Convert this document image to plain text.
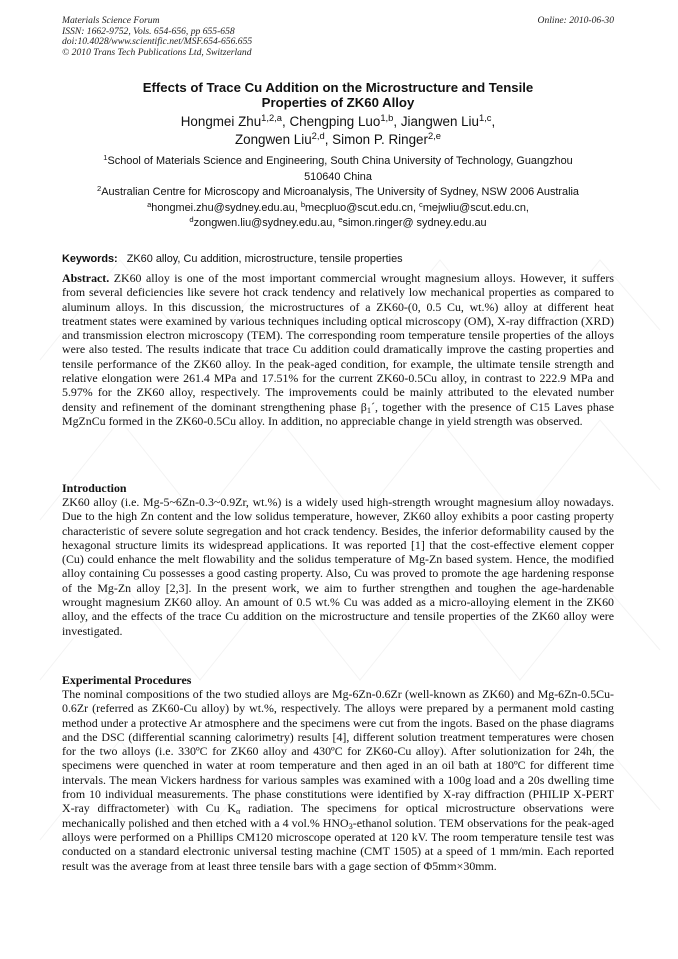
Materials Science Forum
ISSN: 1662-9752, Vols. 654-656, pp 655-658
doi:10.4028/www.scientific.net/MSF.654-656.655
© 2010 Trans Tech Publications Ltd, Switzerland
Online: 2010-06-30
Effects of Trace Cu Addition on the Microstructure and Tensile
Properties of ZK60 Alloy
Hongmei Zhu$^{1,2,a}$, Chengping Luo$^{1,b}$, Jiangwen Liu$^{1,c}$,
Zongwen Liu$^{2,d}$, Simon P. Ringer$^{2,e}$
$^1$School of Materials Science and Engineering, South China University of Technology, Guangzhou
510640 China
$^2$Australian Centre for Microscopy and Microanalysis, The University of Sydney, NSW 2006 Australia
$^a$hongmei.zhu@sydney.edu.au, $^b$mecpluo@scut.edu.cn, $^c$mejwliu@scut.edu.cn,
$^d$zongwen.liu@sydney.edu.au, $^e$simon.ringer@ sydney.edu.au
Keywords: ZK60 alloy, Cu addition, microstructure, tensile properties
Abstract. ZK60 alloy is one of the most important commercial wrought magnesium alloys. However, it suffers from several deficiencies like severe hot crack tendency and relatively low mechanical properties as compared to aluminum alloys. In this discussion, the microstructures of a ZK60-(0, 0.5 Cu, wt.%) alloy at different heat treatment states were examined by various techniques including optical microscopy (OM), X-ray diffraction (XRD) and transmission electron microscopy (TEM). The corresponding room temperature tensile properties of the alloys were also tested. The results indicate that trace Cu addition could dramatically improve the casting properties and tensile performance of the ZK60 alloy. In the peak-aged condition, for example, the ultimate tensile strength and relative elongation were 261.4 MPa and 17.51% for the current ZK60-0.5Cu alloy, in contrast to 222.9 MPa and 5.97% for the ZK60 alloy, respectively. The improvements could be mainly attributed to the elevated number density and refinement of the dominant strengthening phase $\beta_1´$, together with the presence of C15 Laves phase MgZnCu formed in the ZK60-0.5Cu alloy. In addition, no appreciable change in yield strength was observed.
Introduction
ZK60 alloy (i.e. Mg-5~6Zn-0.3~0.9Zr, wt.%) is a widely used high-strength wrought magnesium alloy nowadays. Due to the high Zn content and the low solidus temperature, however, ZK60 alloy exhibits a poor casting property characteristic of severe solute segregation and hot crack tendency. Besides, the inferior deformability caused by the hexagonal structure limits its widespread applications. It was reported [1] that the cost-effective element copper (Cu) could enhance the melt flowability and the solidus temperature of Mg-Zn based system. Hence, the modified alloy containing Cu possesses a good casting property. Also, Cu was proved to promote the age hardening response of the Mg-Zn alloy [2,3]. In the present work, we aim to further strengthen and toughen the age-hardenable wrought magnesium ZK60 alloy. An amount of 0.5 wt.% Cu was added as a micro-alloying element in the ZK60 alloy, and the effects of the trace Cu addition on the microstructure and tensile properties of the ZK60 alloy were investigated.
Experimental Procedures
The nominal compositions of the two studied alloys are Mg-6Zn-0.6Zr (well-known as ZK60) and Mg-6Zn-0.5Cu-0.6Zr (referred as ZK60-Cu alloy) by wt.%, respectively. The alloys were prepared by a permanent mold casting method under a protective Ar atmosphere and the specimens were cut from the ingots. Based on the phase diagrams and the DSC (differential scanning calorimetry) results [4], different solution treatment temperatures were chosen for the two alloys (i.e. 330ºC for ZK60 alloy and 430ºC for ZK60-Cu alloy). After solutionization for 24h, the specimens were quenched in water at room temperature and then aged in an oil bath at 180ºC for different time intervals. The mean Vickers hardness for various samples was examined with a 100g load and a 20s dwelling time from 10 individual measurements. The phase constitutions were identified by X-ray diffraction (PHILIP X-PERT X-ray diffractometer) with Cu $K_\alpha$ radiation. The specimens for optical microstructure observations were mechanically polished and then etched with a 4 vol.% $HNO_3$-ethanol solution. TEM observations for the peak-aged alloys were performed on a Phillips CM120 microscope operated at 120 kV. The room temperature tensile test was conducted on a standard electronic universal testing machine (CMT 1505) at a speed of 1 mm/min. Each reported result was the average from at least three tensile bars with a gage section of Φ5mm×30mm.
